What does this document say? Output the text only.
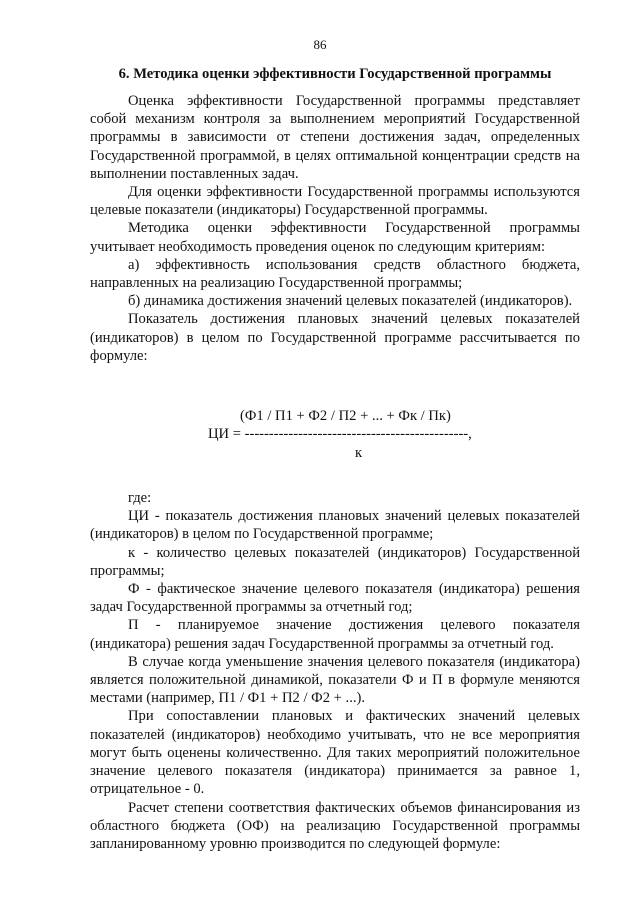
86
6. Методика оценки эффективности Государственной программы

Оценка эффективности Государственной программы представляет собой механизм контроля за выполнением мероприятий Государственной программы в зависимости от степени достижения задач, определенных Государственной программой, в целях оптимальной концентрации средств на выполнении поставленных задач.

Для оценки эффективности Государственной программы используются целевые показатели (индикаторы) Государственной программы.

Методика оценки эффективности Государственной программы учитывает необходимость проведения оценок по следующим критериям:

а) эффективность использования средств областного бюджета, направленных на реализацию Государственной программы;

б) динамика достижения значений целевых показателей (индикаторов).

Показатель достижения плановых значений целевых показателей (индикаторов) в целом по Государственной программе рассчитывается по формуле:

(Ф1 / П1 + Ф2 / П2 + ... + Фк / Пк)
ЦИ = ----------------------------------------------,
к

где:

ЦИ - показатель достижения плановых значений целевых показателей (индикаторов) в целом по Государственной программе;

к - количество целевых показателей (индикаторов) Государственной программы;

Ф - фактическое значение целевого показателя (индикатора) решения задач Государственной программы за отчетный год;

П - планируемое значение достижения целевого показателя (индикатора) решения задач Государственной программы за отчетный год.

В случае когда уменьшение значения целевого показателя (индикатора) является положительной динамикой, показатели Ф и П в формуле меняются местами (например, П1 / Ф1 + П2 / Ф2 + ...).

При сопоставлении плановых и фактических значений целевых показателей (индикаторов) необходимо учитывать, что не все мероприятия могут быть оценены количественно. Для таких мероприятий положительное значение целевого показателя (индикатора) принимается за равное 1, отрицательное - 0.

Расчет степени соответствия фактических объемов финансирования из областного бюджета (ОФ) на реализацию Государственной программы запланированному уровню производится по следующей формуле:
